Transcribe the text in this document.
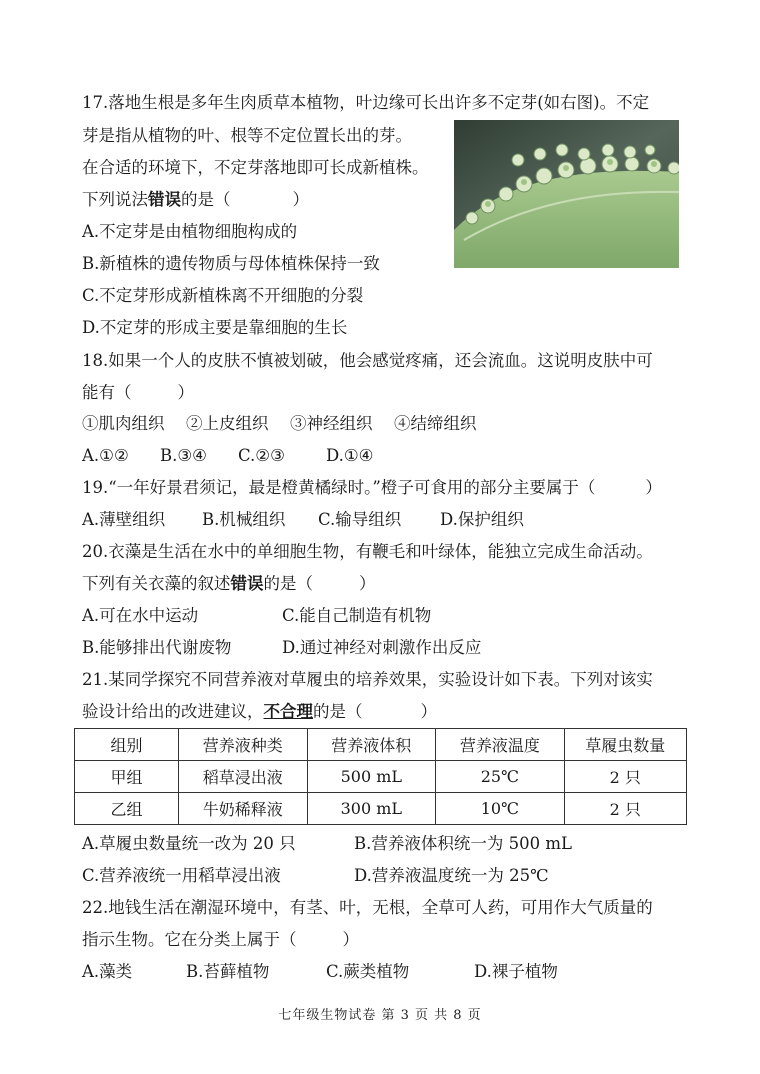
17.落地生根是多年生肉质草本植物，叶边缘可长出许多不定芽(如右图)。不定
芽是指从植物的叶、根等不定位置长出的芽。
在合适的环境下，不定芽落地即可长成新植株。
下列说法错误的是（	）
A.不定芽是由植物细胞构成的
B.新植株的遗传物质与母体植株保持一致
C.不定芽形成新植株离不开细胞的分裂
D.不定芽的形成主要是靠细胞的生长
18.如果一个人的皮肤不慎被划破，他会感觉疼痛，还会流血。这说明皮肤中可
能有（	）
①肌肉组织 ②上皮组织 ③神经组织 ④结缔组织
A.①② B.③④ C.②③ D.①④
19.“一年好景君须记，最是橙黄橘绿时。”橙子可食用的部分主要属于（	）
A.薄壁组织 B.机械组织 C.输导组织 D.保护组织
20.衣藻是生活在水中的单细胞生物，有鞭毛和叶绿体，能独立完成生命活动。
下列有关衣藻的叙述错误的是（	）
A.可在水中运动	C.能自己制造有机物
B.能够排出代谢废物	D.通过神经对刺激作出反应
21.某同学探究不同营养液对草履虫的培养效果，实验设计如下表。下列对该实
验设计给出的改进建议，不合理的是（	）
组别	营养液种类	营养液体积	营养液温度	草履虫数量
甲组	稻草浸出液	500 mL	25℃	2 只
乙组	牛奶稀释液	300 mL	10℃	2 只
A.草履虫数量统一改为 20 只	B.营养液体积统一为 500 mL
C.营养液统一用稻草浸出液	D.营养液温度统一为 25℃
22.地钱生活在潮湿环境中，有茎、叶，无根，全草可人药，可用作大气质量的
指示生物。它在分类上属于（	）
A.藻类	B.苔藓植物	C.蕨类植物	D.裸子植物
七年级生物试卷 第 3 页 共 8 页
